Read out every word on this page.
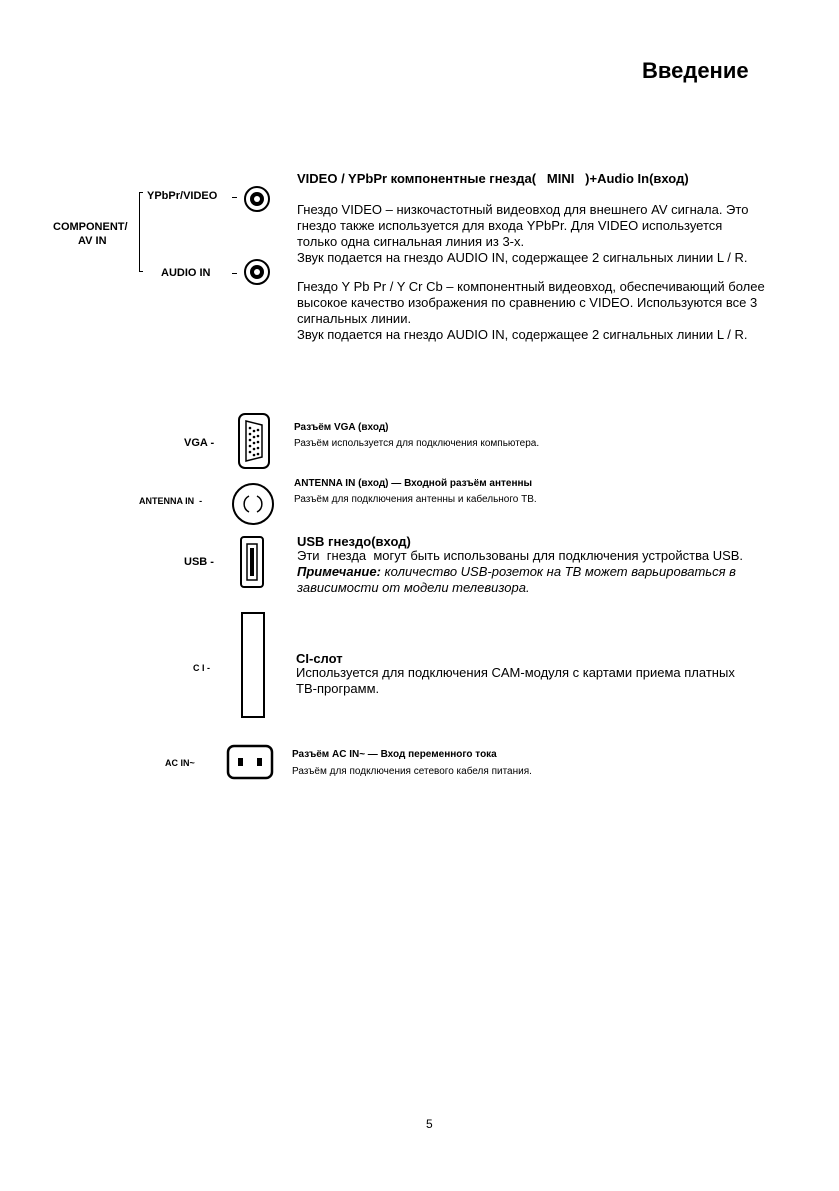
Введение
COMPONENT/
AV IN
YPbPr/VIDEO
AUDIO IN
VIDEO / YPbPr компонентные гнезда(   MINI   )+Audio In(вход)
Гнездо VIDEO – низкочастотный видеовход для внешнего AV сигнала. Это
гнездо также используется для входа YPbPr. Для VIDEO используется
только одна сигнальная линия из 3-х.
Звук подается на гнездо AUDIO IN, содержащее 2 сигнальных линии L / R.
Гнездо Y Pb Pr / Y Cr Cb – компонентный видеовход, обеспечивающий более
высокое качество изображения по сравнению с VIDEO. Используются все 3
сигнальных линии.
Звук подается на гнездо AUDIO IN, содержащее 2 сигнальных линии L / R.
VGA -
Разъём VGA (вход)
Разъём используется для подключения компьютера.
ANTENNA IN  -
ANTENNA IN (вход) — Входной разъём антенны
Разъём для подключения антенны и кабельного ТВ.
USB -
USB гнездо(вход)
Эти  гнезда  могут быть использованы для подключения устройства USB.
Примечание: количество USB-розеток на ТВ может варьироваться в
зависимости от модели телевизора.
C I -
CI-слот
Используется для подключения CAM-модуля с картами приема платных
ТВ-программ.
AC IN~
Разъём AC IN~ — Вход переменного тока
Разъём для подключения сетевого кабеля питания.
5
